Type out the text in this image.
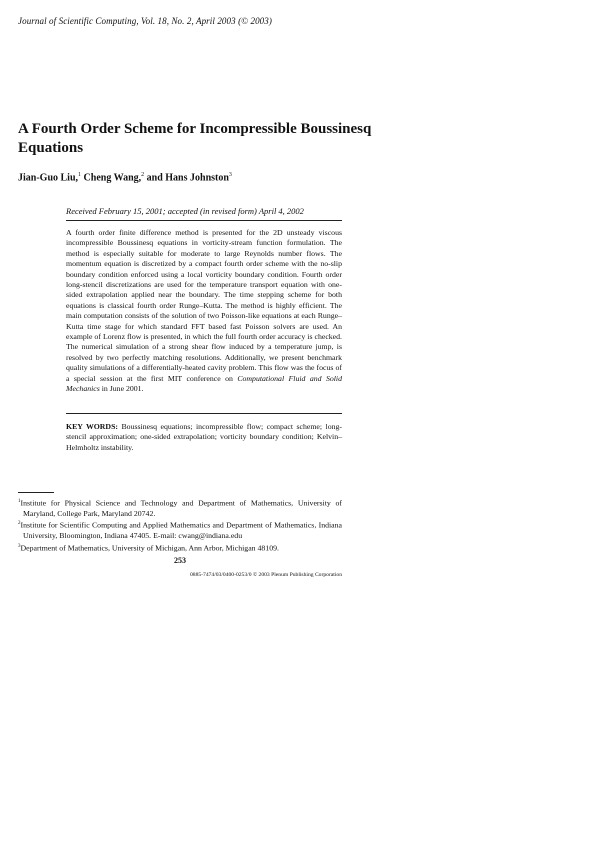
Journal of Scientific Computing, Vol. 18, No. 2, April 2003 (© 2003)
A Fourth Order Scheme for Incompressible Boussinesq Equations
Jian-Guo Liu,$^1$ Cheng Wang,$^2$ and Hans Johnston$^3$
Received February 15, 2001; accepted (in revised form) April 4, 2002
A fourth order finite difference method is presented for the 2D unsteady viscous incompressible Boussinesq equations in vorticity-stream function formulation. The method is especially suitable for moderate to large Reynolds number flows. The momentum equation is discretized by a compact fourth order scheme with the no-slip boundary condition enforced using a local vorticity boundary condition. Fourth order long-stencil discretizations are used for the temperature transport equation with one-sided extrapolation applied near the boundary. The time stepping scheme for both equations is classical fourth order Runge–Kutta. The method is highly efficient. The main computation consists of the solution of two Poisson-like equations at each Runge–Kutta time stage for which standard FFT based fast Poisson solvers are used. An example of Lorenz flow is presented, in which the full fourth order accuracy is checked. The numerical simulation of a strong shear flow induced by a temperature jump, is resolved by two perfectly matching resolutions. Additionally, we present benchmark quality simulations of a differentially-heated cavity problem. This flow was the focus of a special session at the first MIT conference on Computational Fluid and Solid Mechanics in June 2001.
KEY WORDS: Boussinesq equations; incompressible flow; compact scheme; long-stencil approximation; one-sided extrapolation; vorticity boundary condition; Kelvin–Helmholtz instability.

$^1$Institute for Physical Science and Technology and Department of Mathematics, University of Maryland, College Park, Maryland 20742.

$^2$Institute for Scientific Computing and Applied Mathematics and Department of Mathematics, Indiana University, Bloomington, Indiana 47405. E-mail: cwang@indiana.edu

$^3$Department of Mathematics, University of Michigan, Ann Arbor, Michigan 48109.

253
0885-7474/03/0400-0253/0 © 2003 Plenum Publishing Corporation
